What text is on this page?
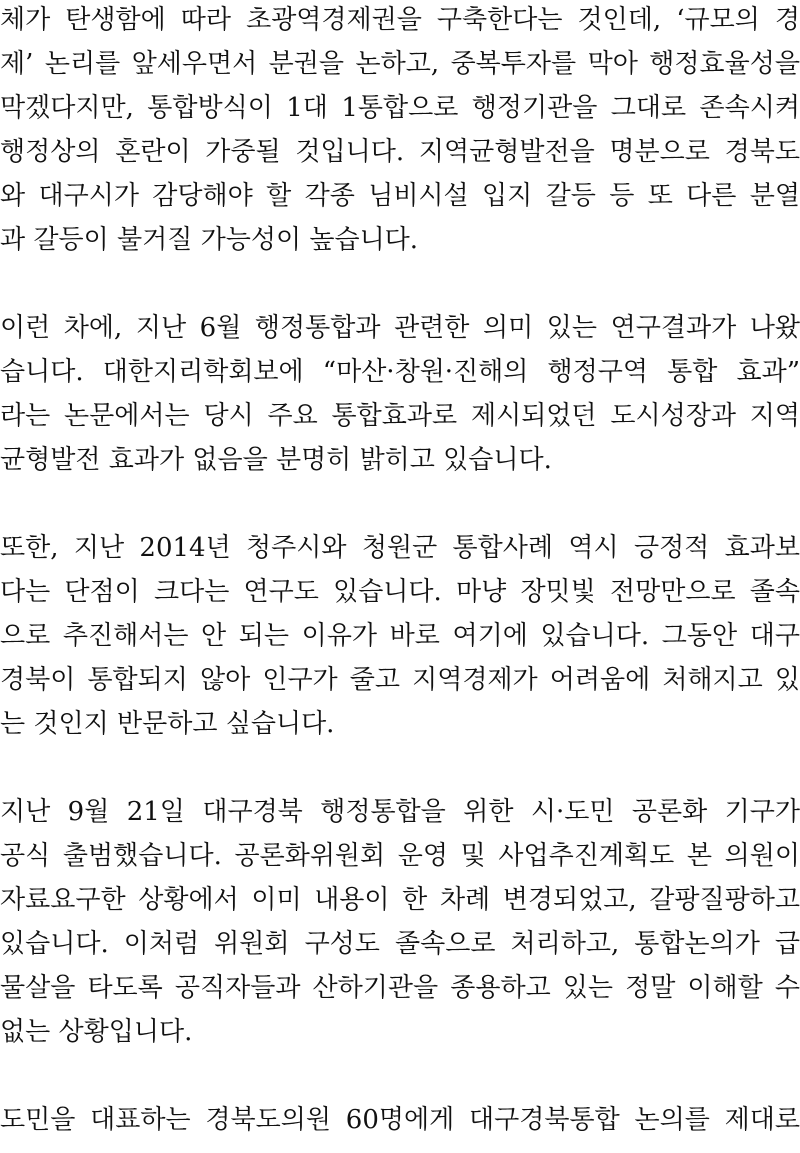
체가 탄생함에 따라 초광역경제권을 구축한다는 것인데, ‘규모의 경
제’ 논리를 앞세우면서 분권을 논하고, 중복투자를 막아 행정효율성을
막겠다지만, 통합방식이 1대 1통합으로 행정기관을 그대로 존속시켜
행정상의 혼란이 가중될 것입니다. 지역균형발전을 명분으로 경북도
와 대구시가 감당해야 할 각종 님비시설 입지 갈등 등 또 다른 분열
과 갈등이 불거질 가능성이 높습니다.
이런 차에, 지난 6월 행정통합과 관련한 의미 있는 연구결과가 나왔
습니다. 대한지리학회보에 “마산·창원·진해의 행정구역 통합 효과”
라는 논문에서는 당시 주요 통합효과로 제시되었던 도시성장과 지역
균형발전 효과가 없음을 분명히 밝히고 있습니다.
또한, 지난 2014년 청주시와 청원군 통합사례 역시 긍정적 효과보
다는 단점이 크다는 연구도 있습니다. 마냥 장밋빛 전망만으로 졸속
으로 추진해서는 안 되는 이유가 바로 여기에 있습니다. 그동안 대구
경북이 통합되지 않아 인구가 줄고 지역경제가 어려움에 처해지고 있
는 것인지 반문하고 싶습니다.
지난 9월 21일 대구경북 행정통합을 위한 시·도민 공론화 기구가
공식 출범했습니다. 공론화위원회 운영 및 사업추진계획도 본 의원이
자료요구한 상황에서 이미 내용이 한 차례 변경되었고, 갈팡질팡하고
있습니다. 이처럼 위원회 구성도 졸속으로 처리하고, 통합논의가 급
물살을 타도록 공직자들과 산하기관을 종용하고 있는 정말 이해할 수
없는 상황입니다.
도민을 대표하는 경북도의원 60명에게 대구경북통합 논의를 제대로
